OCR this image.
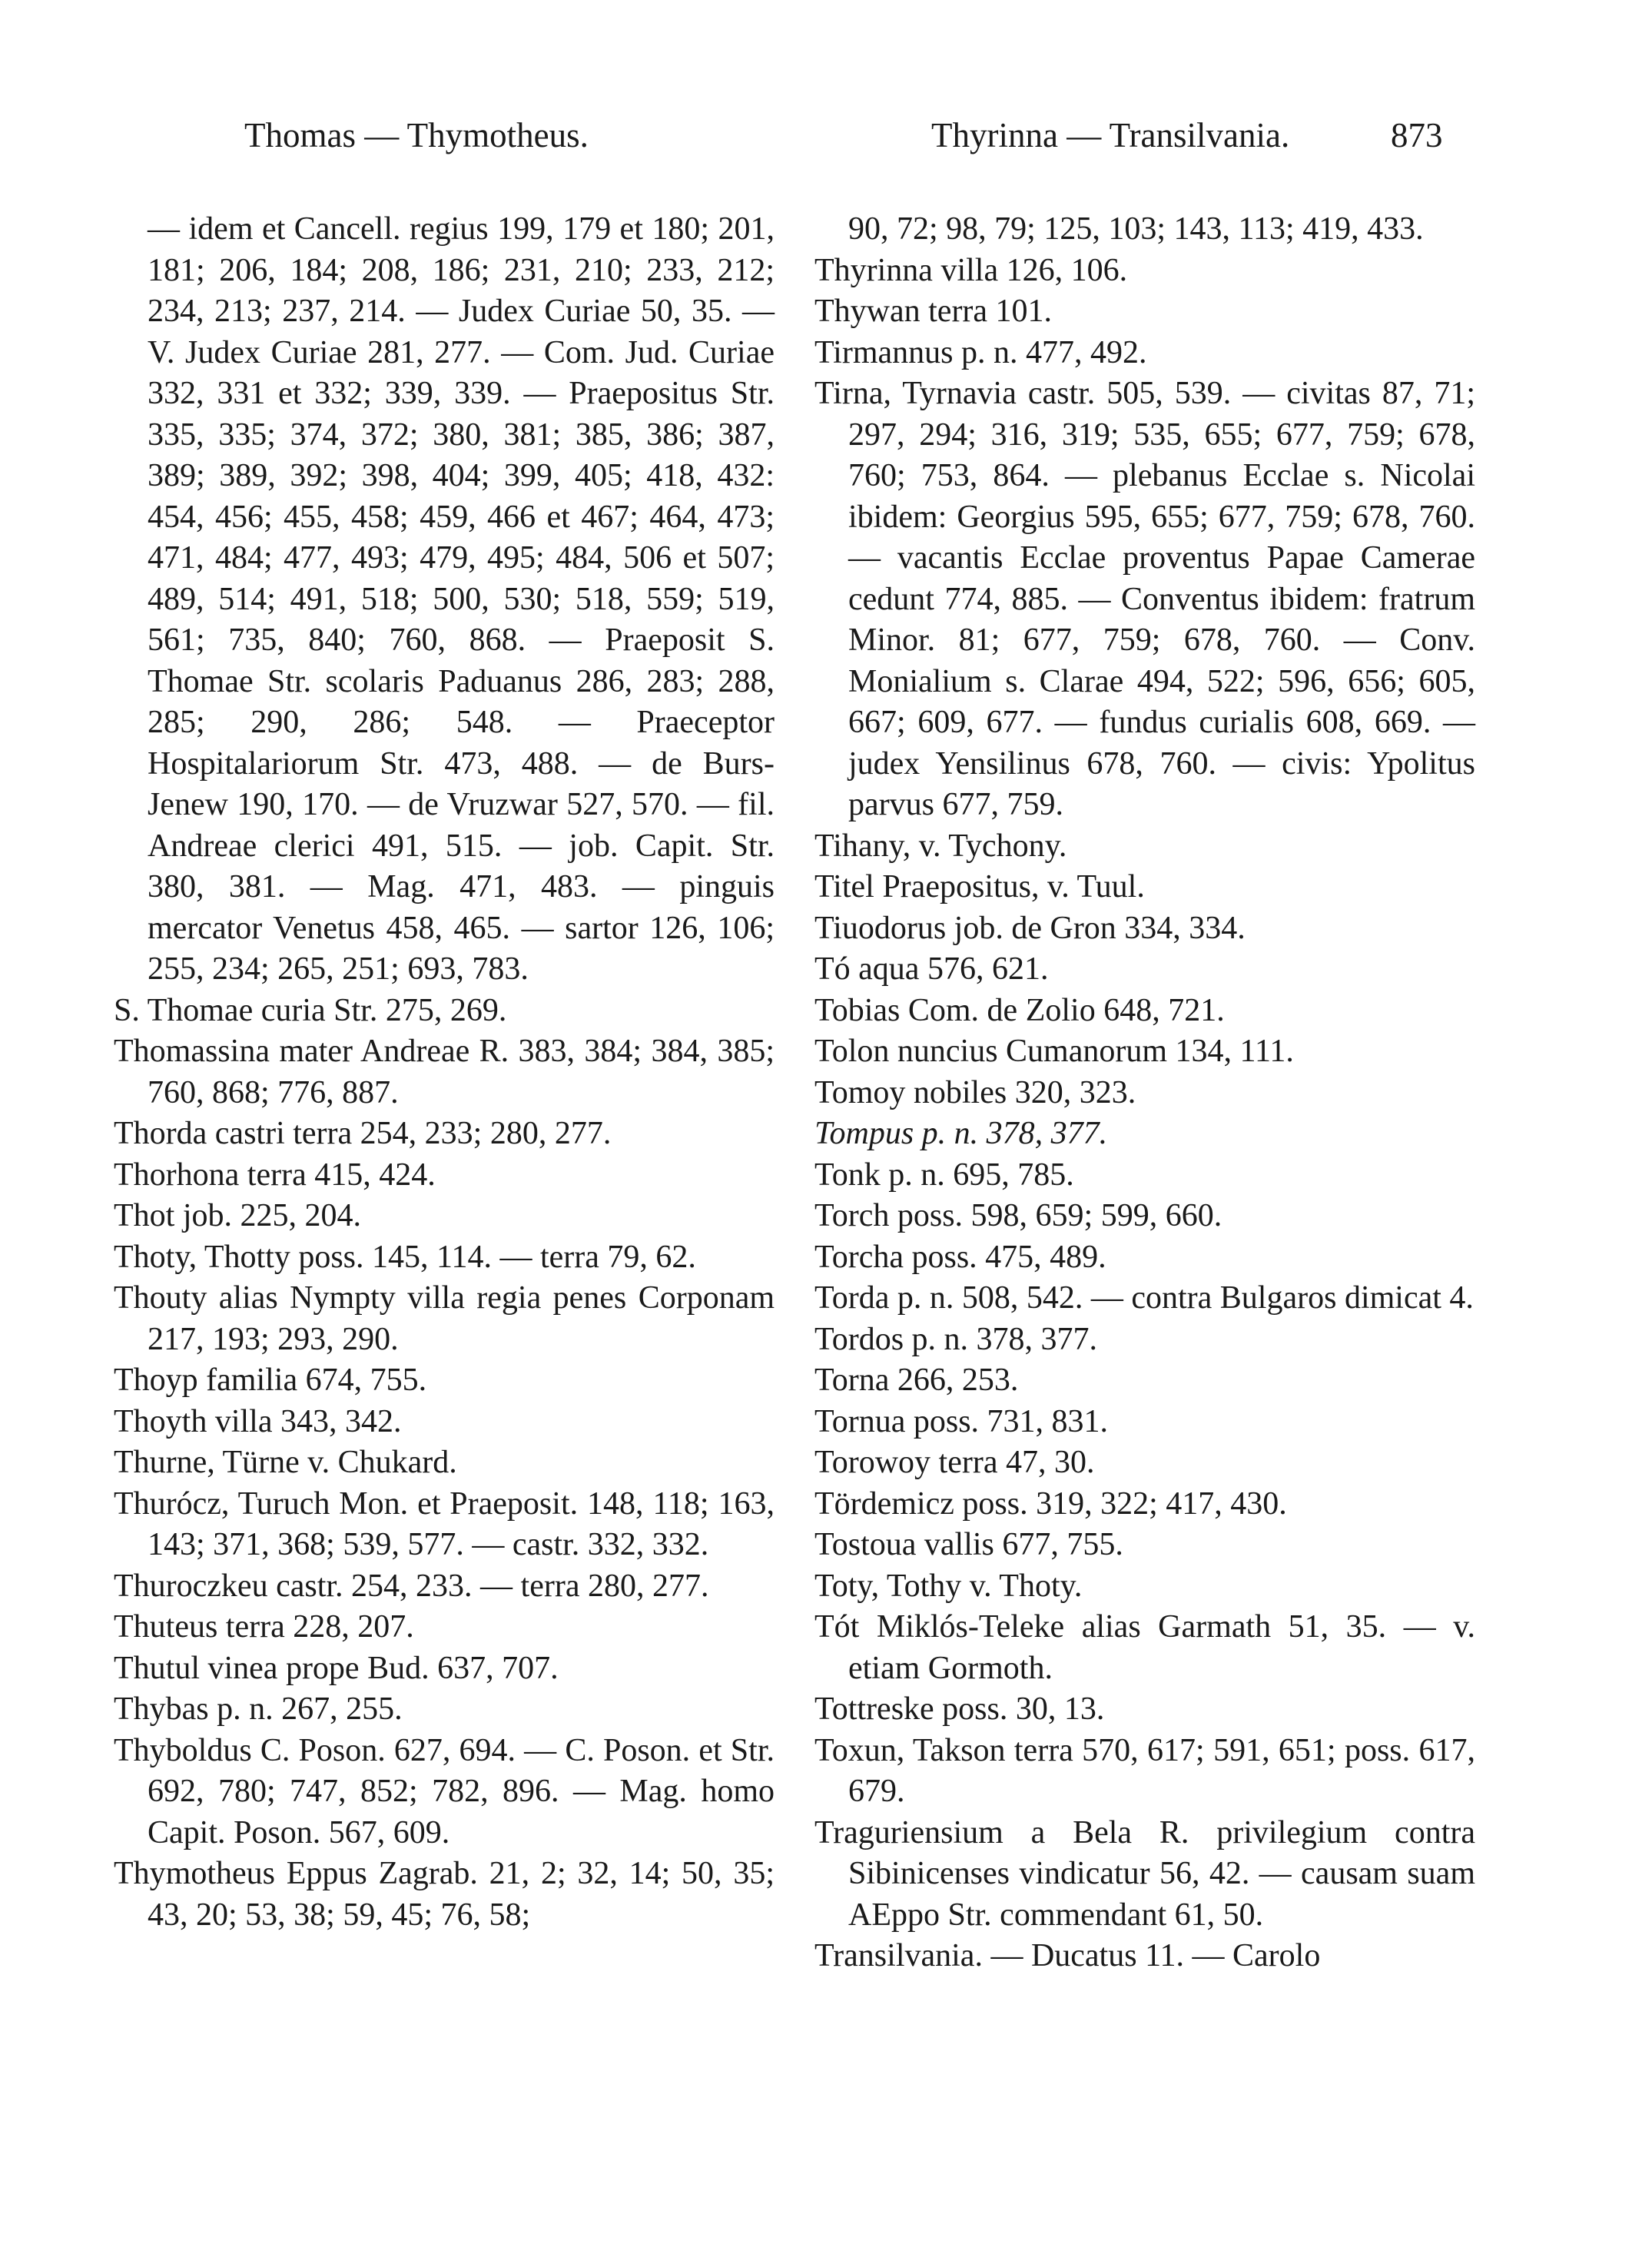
Thomas — Thymotheus.	Thyrinna — Transilvania.	873

— idem et Cancell. regius 199, 179 et 180; 201, 181; 206, 184; 208, 186; 231, 210; 233, 212; 234, 213; 237, 214. — Judex Curiae 50, 35. — V. Judex Curiae 281, 277. — Com. Jud. Curiae 332, 331 et 332; 339, 339. — Praepositus Str. 335, 335; 374, 372; 380, 381; 385, 386; 387, 389; 389, 392; 398, 404; 399, 405; 418, 432: 454, 456; 455, 458; 459, 466 et 467; 464, 473; 471, 484; 477, 493; 479, 495; 484, 506 et 507; 489, 514; 491, 518; 500, 530; 518, 559; 519, 561; 735, 840; 760, 868. — Praeposit S. Thomae Str. scolaris Paduanus 286, 283; 288, 285; 290, 286; 548. — Praeceptor Hospitalariorum Str. 473, 488. — de Burs-Jenew 190, 170. — de Vruzwar 527, 570. — fil. Andreae clerici 491, 515. — job. Capit. Str. 380, 381. — Mag. 471, 483. — pinguis mercator Venetus 458, 465. — sartor 126, 106; 255, 234; 265, 251; 693, 783.

S. Thomae curia Str. 275, 269.

Thomassina mater Andreae R. 383, 384; 384, 385; 760, 868; 776, 887.

Thorda castri terra 254, 233; 280, 277.

Thorhona terra 415, 424.

Thot job. 225, 204.

Thoty, Thotty poss. 145, 114. — terra 79, 62.

Thouty alias Nympty villa regia penes Corponam 217, 193; 293, 290.

Thoyp familia 674, 755.

Thoyth villa 343, 342.

Thurne, Türne v. Chukard.

Thurócz, Turuch Mon. et Praeposit. 148, 118; 163, 143; 371, 368; 539, 577. — castr. 332, 332.

Thuroczkeu castr. 254, 233. — terra 280, 277.

Thuteus terra 228, 207.

Thutul vinea prope Bud. 637, 707.

Thybas p. n. 267, 255.

Thyboldus C. Poson. 627, 694. — C. Poson. et Str. 692, 780; 747, 852; 782, 896. — Mag. homo Capit. Poson. 567, 609.

Thymotheus Eppus Zagrab. 21, 2; 32, 14; 50, 35; 43, 20; 53, 38; 59, 45; 76, 58;

90, 72; 98, 79; 125, 103; 143, 113; 419, 433.

Thyrinna villa 126, 106.

Thywan terra 101.

Tirmannus p. n. 477, 492.

Tirna, Tyrnavia castr. 505, 539. — civitas 87, 71; 297, 294; 316, 319; 535, 655; 677, 759; 678, 760; 753, 864. — plebanus Ecclae s. Nicolai ibidem: Georgius 595, 655; 677, 759; 678, 760. — vacantis Ecclae proventus Papae Camerae cedunt 774, 885. — Conventus ibidem: fratrum Minor. 81; 677, 759; 678, 760. — Conv. Monialium s. Clarae 494, 522; 596, 656; 605, 667; 609, 677. — fundus curialis 608, 669. — judex Yensilinus 678, 760. — civis: Ypolitus parvus 677, 759.

Tihany, v. Tychony.

Titel Praepositus, v. Tuul.

Tiuodorus job. de Gron 334, 334.

Tó aqua 576, 621.

Tobias Com. de Zolio 648, 721.

Tolon nuncius Cumanorum 134, 111.

Tomoy nobiles 320, 323.

Tompus p. n. 378, 377.

Tonk p. n. 695, 785.

Torch poss. 598, 659; 599, 660.

Torcha poss. 475, 489.

Torda p. n. 508, 542. — contra Bulgaros dimicat 4.

Tordos p. n. 378, 377.

Torna 266, 253.

Tornua poss. 731, 831.

Torowoy terra 47, 30.

Tördemicz poss. 319, 322; 417, 430.

Tostoua vallis 677, 755.

Toty, Tothy v. Thoty.

Tót Miklós-Teleke alias Garmath 51, 35. — v. etiam Gormoth.

Tottreske poss. 30, 13.

Toxun, Takson terra 570, 617; 591, 651; poss. 617, 679.

Traguriensium a Bela R. privilegium contra Sibinicenses vindicatur 56, 42. — causam suam AEppo Str. commendant 61, 50.

Transilvania. — Ducatus 11. — Carolo
